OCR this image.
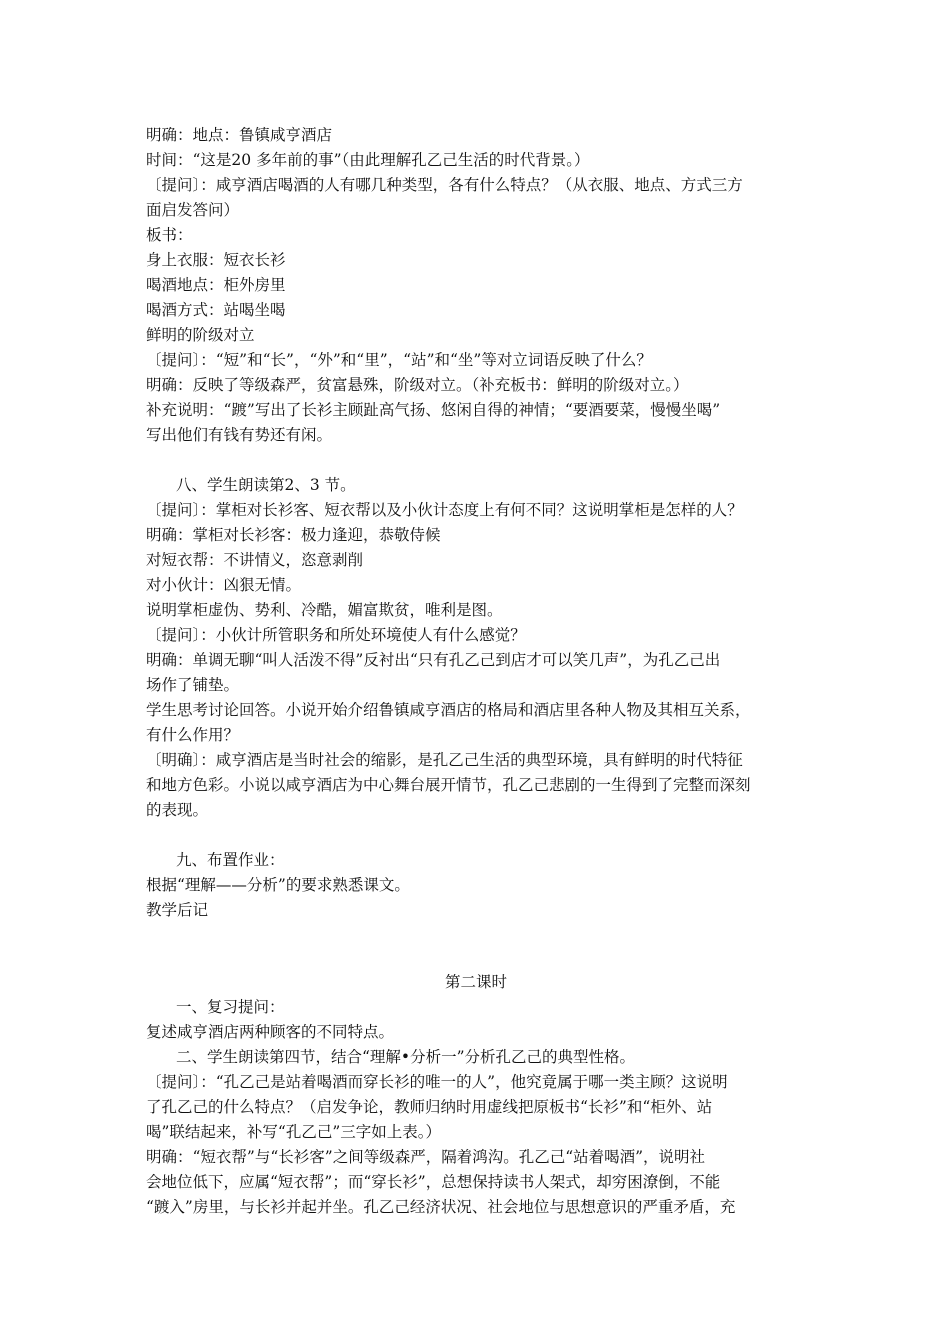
明确：地点：鲁镇咸亨酒店
时间：“这是20 多年前的事”（由此理解孔乙己生活的时代背景。）
〔提问〕：咸亨酒店喝酒的人有哪几种类型，各有什么特点？（从衣服、地点、方式三方
面启发答问）
板书：
身上衣服：短衣长衫
喝酒地点：柜外房里
喝酒方式：站喝坐喝
鲜明的阶级对立
〔提问〕：“短”和“长”，“外”和“里”，“站”和“坐”等对立词语反映了什么？
明确：反映了等级森严，贫富悬殊，阶级对立。（补充板书：鲜明的阶级对立。）
补充说明：“踱”写出了长衫主顾趾高气扬、悠闲自得的神情；“要酒要菜，慢慢坐喝”
写出他们有钱有势还有闲。

八、学生朗读第2、3 节。
〔提问〕：掌柜对长衫客、短衣帮以及小伙计态度上有何不同？这说明掌柜是怎样的人？
明确：掌柜对长衫客：极力逢迎，恭敬侍候
对短衣帮：不讲情义，恣意剥削
对小伙计：凶狠无情。
说明掌柜虚伪、势利、冷酷，媚富欺贫，唯利是图。
〔提问〕：小伙计所管职务和所处环境使人有什么感觉？
明确：单调无聊“叫人活泼不得”反衬出“只有孔乙己到店才可以笑几声”，为孔乙己出
场作了铺垫。
学生思考讨论回答。小说开始介绍鲁镇咸亨酒店的格局和酒店里各种人物及其相互关系，
有什么作用？
〔明确〕：咸亨酒店是当时社会的缩影，是孔乙己生活的典型环境，具有鲜明的时代特征
和地方色彩。小说以咸亨酒店为中心舞台展开情节，孔乙己悲剧的一生得到了完整而深刻
的表现。

九、布置作业：
根据“理解——分析”的要求熟悉课文。
教学后记
第二课时
一、复习提问：
复述咸亨酒店两种顾客的不同特点。
二、学生朗读第四节，结合“理解•分析一”分析孔乙己的典型性格。
〔提问〕：“孔乙己是站着喝酒而穿长衫的唯一的人”，他究竟属于哪一类主顾？这说明
了孔乙己的什么特点？（启发争论，教师归纳时用虚线把原板书“长衫”和“柜外、站
喝”联结起来，补写“孔乙己”三字如上表。）
明确：“短衣帮”与“长衫客”之间等级森严，隔着鸿沟。孔乙己“站着喝酒”，说明社
会地位低下，应属“短衣帮”；而“穿长衫”，总想保持读书人架式，却穷困潦倒，不能
“踱入”房里，与长衫并起并坐。孔乙己经济状况、社会地位与思想意识的严重矛盾，充
